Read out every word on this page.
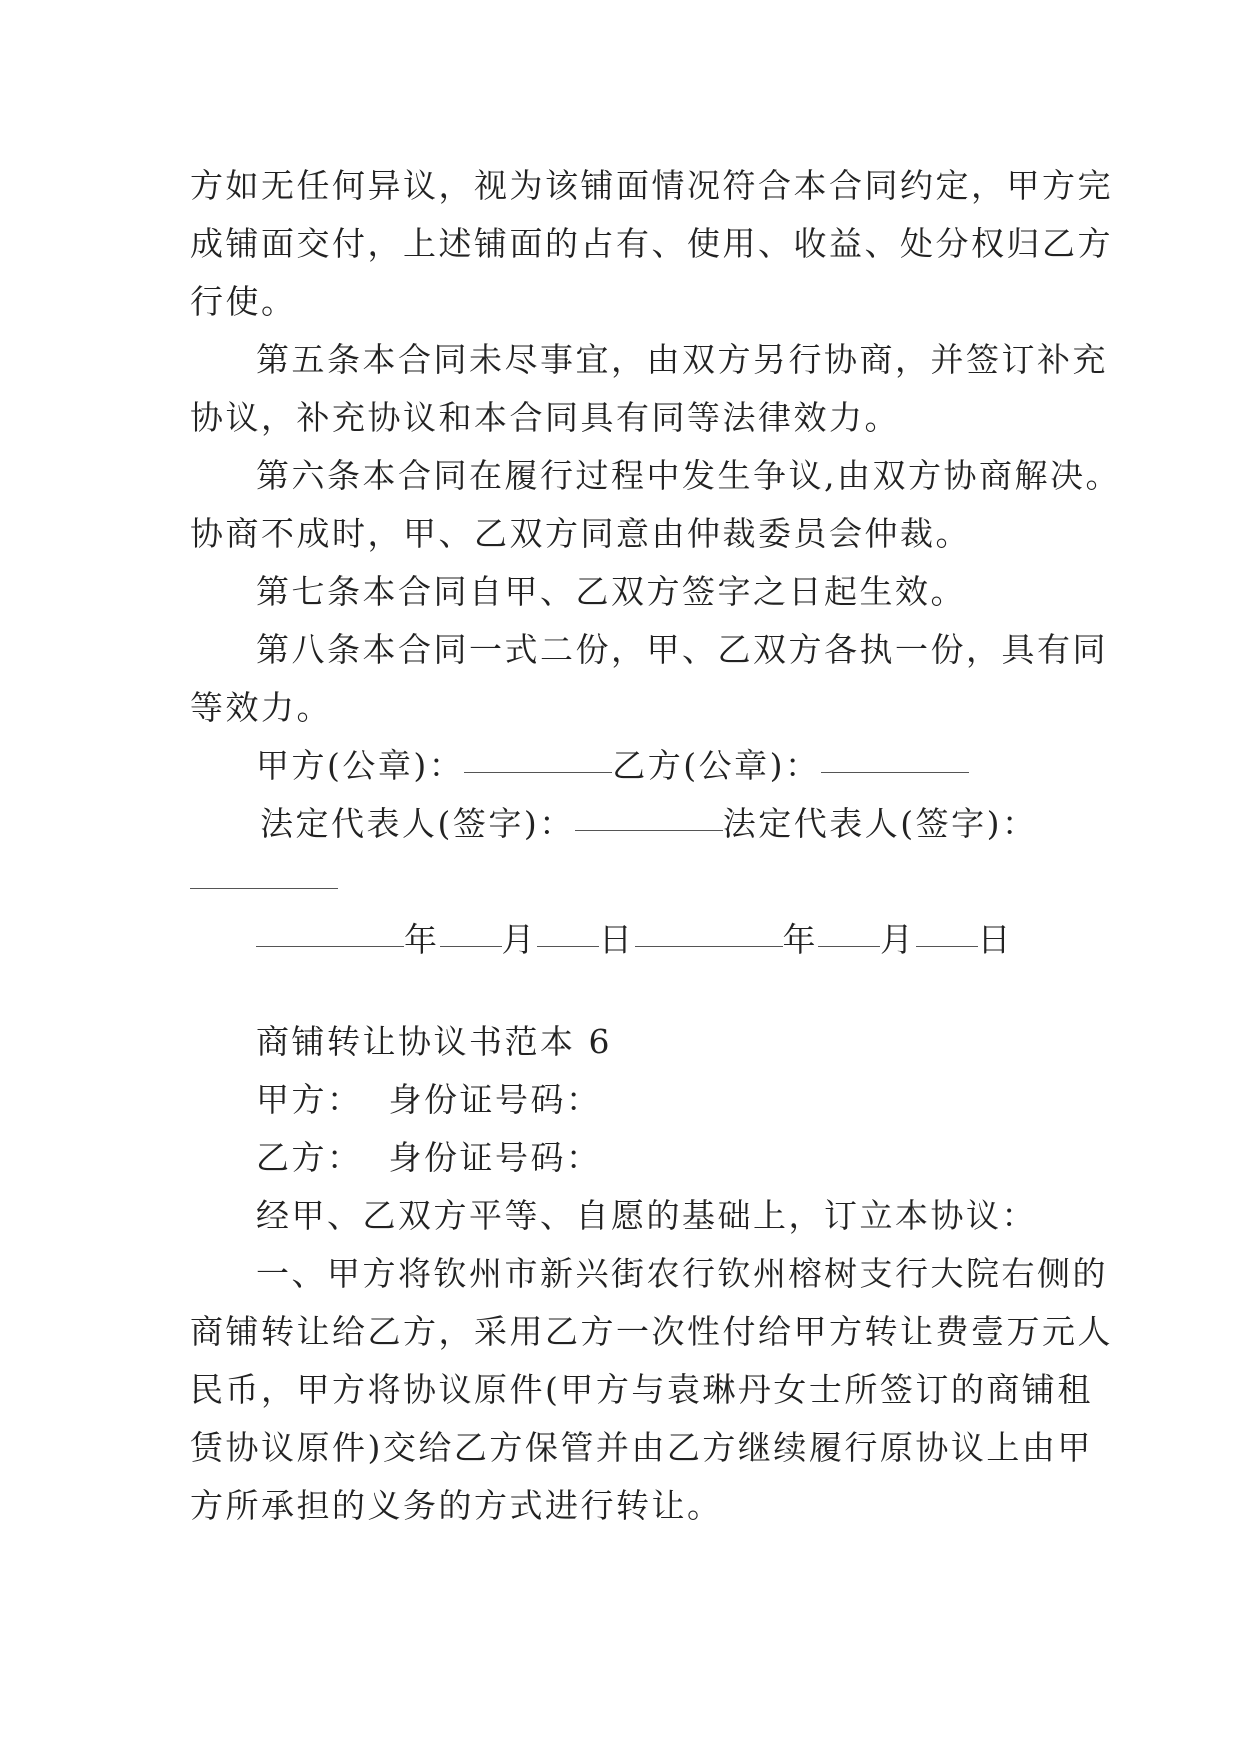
方如无任何异议，视为该铺面情况符合本合同约定，甲方完
成铺面交付，上述铺面的占有、使用、收益、处分权归乙方
行使。
第五条本合同未尽事宜，由双方另行协商，并签订补充
协议，补充协议和本合同具有同等法律效力。
第六条本合同在履行过程中发生争议,由双方协商解决。
协商不成时，甲、乙双方同意由仲裁委员会仲裁。
第七条本合同自甲、乙双方签字之日起生效。
第八条本合同一式二份，甲、乙双方各执一份，具有同
等效力。
甲方(公章)：	乙方(公章)：
法定代表人(签字)：	法定代表人(签字)：
年 月 日	年 月 日
商铺转让协议书范本 6
甲方：  身份证号码：
乙方：  身份证号码：
经甲、乙双方平等、自愿的基础上，订立本协议：
一、甲方将钦州市新兴街农行钦州榕树支行大院右侧的
商铺转让给乙方，采用乙方一次性付给甲方转让费壹万元人
民币，甲方将协议原件(甲方与袁琳丹女士所签订的商铺租
赁协议原件)交给乙方保管并由乙方继续履行原协议上由甲
方所承担的义务的方式进行转让。
